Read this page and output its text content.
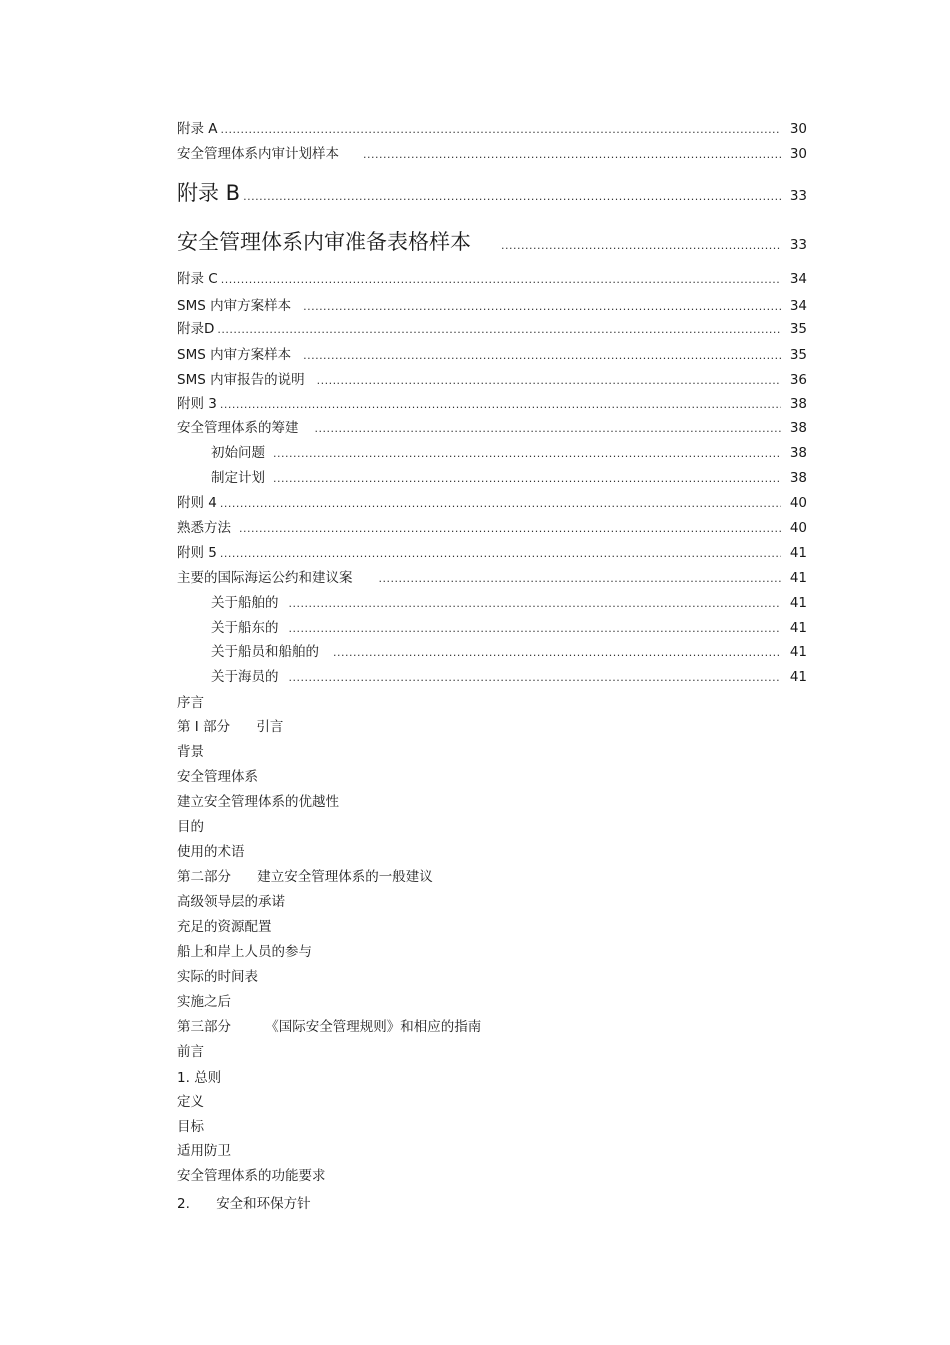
附录 A .....	30
安全管理体系内审计划样本 .....	30
附录 B .....	33
安全管理体系内审准备表格样本 .....	33
附录 C .....	34
SMS 内审方案样本 .....	34
附录D .....	35
SMS 内审方案样本 .....	35
SMS 内审报告的说明 .....	36
附则 3 .....	38
安全管理体系的筹建 .....	38
初始问题 .....	38
制定计划 .....	38
附则 4 .....	40
熟悉方法 .....	40
附则 5 .....	41
主要的国际海运公约和建议案 .....	41
关于船舶的 .....	41
关于船东的 .....	41
关于船员和船舶的 .....	41
关于海员的 .....	41
序言
第 I 部分 引言
背景
安全管理体系
建立安全管理体系的优越性
目的
使用的术语
第二部分 建立安全管理体系的一般建议
高级领导层的承诺
充足的资源配置
船上和岸上人员的参与
实际的时间表
实施之后
第三部分	《国际安全管理规则》和相应的指南
前言
1. 总则
定义
目标
适用防卫
安全管理体系的功能要求
2. 安全和环保方针
